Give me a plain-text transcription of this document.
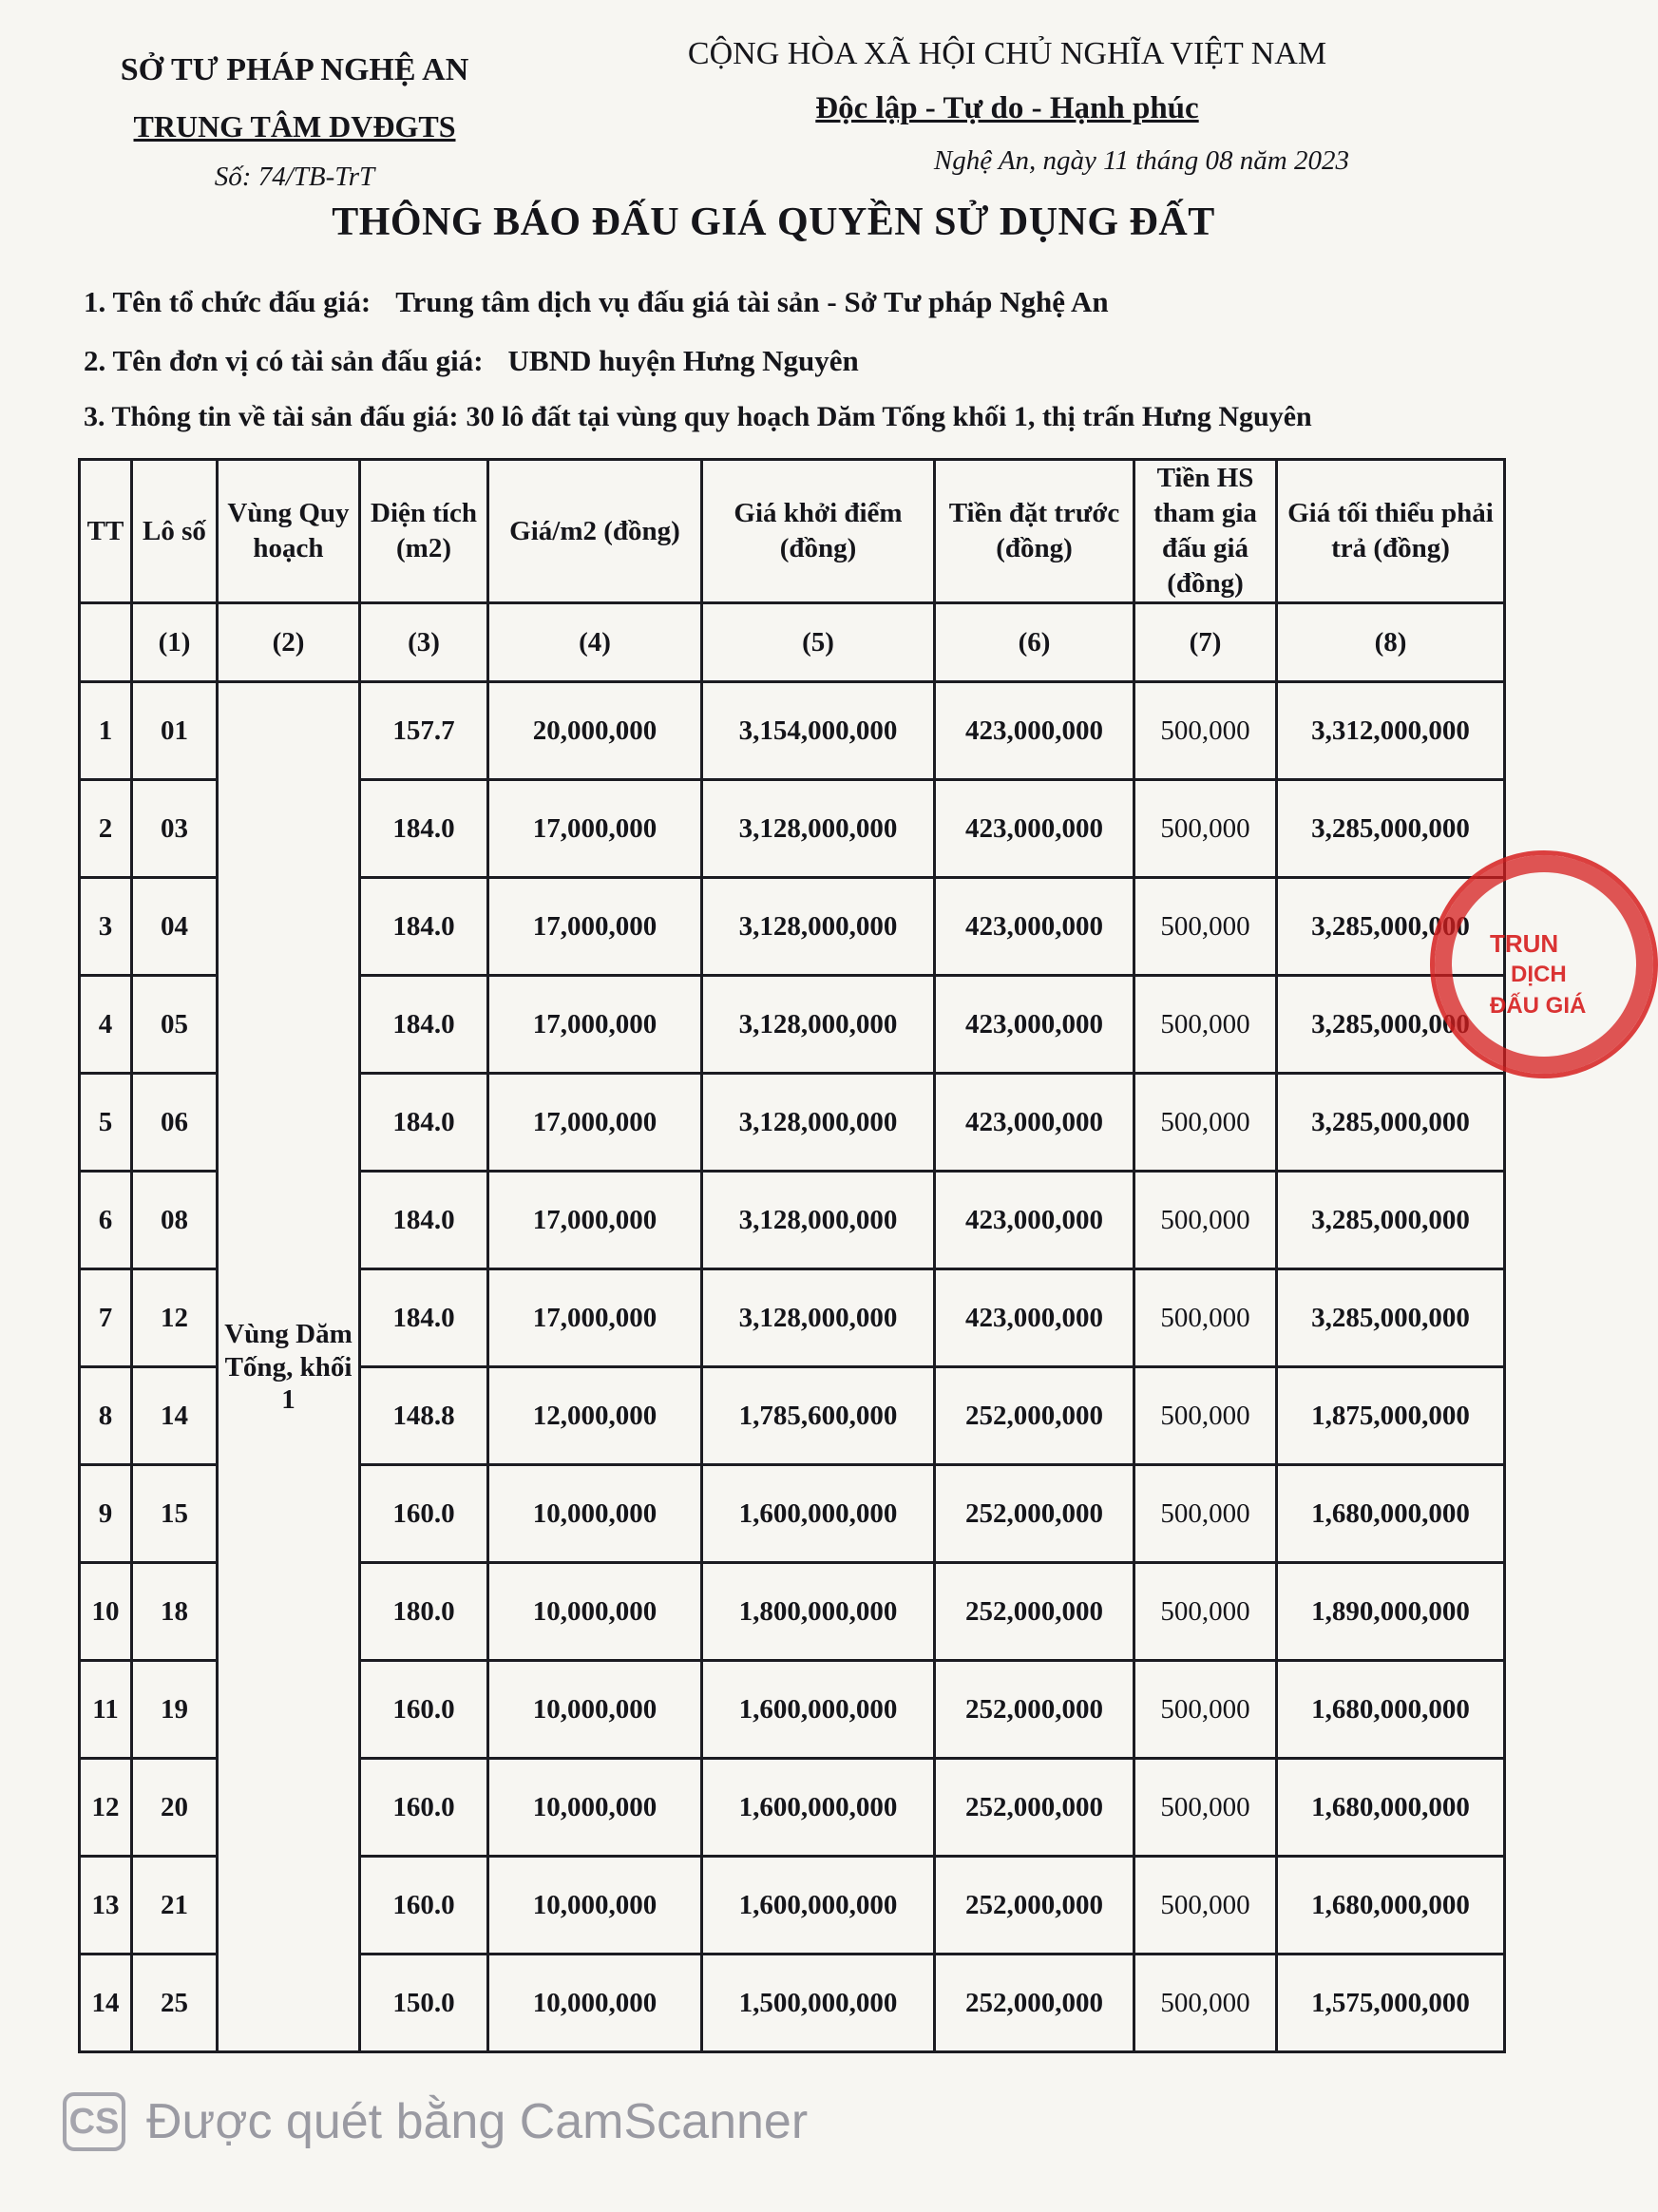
SỞ TƯ PHÁP NGHỆ AN
TRUNG TÂM DVĐGTS
Số: 74/TB-TrT
CỘNG HÒA XÃ HỘI CHỦ NGHĨA VIỆT NAM
Độc lập - Tự do - Hạnh phúc
Nghệ An, ngày 11 tháng 08 năm 2023
THÔNG BÁO ĐẤU GIÁ QUYỀN SỬ DỤNG ĐẤT
1. Tên tổ chức đấu giá: Trung tâm dịch vụ đấu giá tài sản - Sở Tư pháp Nghệ An
2. Tên đơn vị có tài sản đấu giá: UBND huyện Hưng Nguyên
3. Thông tin về tài sản đấu giá: 30 lô đất tại vùng quy hoạch Dăm Tống khối 1, thị trấn Hưng Nguyên
TT	Lô số	Vùng Quy hoạch	Diện tích (m2)	Giá/m2 (đồng)	Giá khởi điểm (đồng)	Tiền đặt trước (đồng)	Tiền HS tham gia đấu giá (đồng)	Giá tối thiểu phải trả (đồng)
	(1)	(2)	(3)	(4)	(5)	(6)	(7)	(8)
1	01	Vùng Dăm Tống, khối 1	157.7	20,000,000	3,154,000,000	423,000,000	500,000	3,312,000,000
2	03		184.0	17,000,000	3,128,000,000	423,000,000	500,000	3,285,000,000
3	04		184.0	17,000,000	3,128,000,000	423,000,000	500,000	3,285,000,000
4	05		184.0	17,000,000	3,128,000,000	423,000,000	500,000	3,285,000,000
5	06		184.0	17,000,000	3,128,000,000	423,000,000	500,000	3,285,000,000
6	08		184.0	17,000,000	3,128,000,000	423,000,000	500,000	3,285,000,000
7	12		184.0	17,000,000	3,128,000,000	423,000,000	500,000	3,285,000,000
8	14		148.8	12,000,000	1,785,600,000	252,000,000	500,000	1,875,000,000
9	15		160.0	10,000,000	1,600,000,000	252,000,000	500,000	1,680,000,000
10	18		180.0	10,000,000	1,800,000,000	252,000,000	500,000	1,890,000,000
11	19		160.0	10,000,000	1,600,000,000	252,000,000	500,000	1,680,000,000
12	20		160.0	10,000,000	1,600,000,000	252,000,000	500,000	1,680,000,000
13	21		160.0	10,000,000	1,600,000,000	252,000,000	500,000	1,680,000,000
14	25		150.0	10,000,000	1,500,000,000	252,000,000	500,000	1,575,000,000
TRUN
DỊCH
ĐẤU GIÁ
CS Được quét bằng CamScanner
